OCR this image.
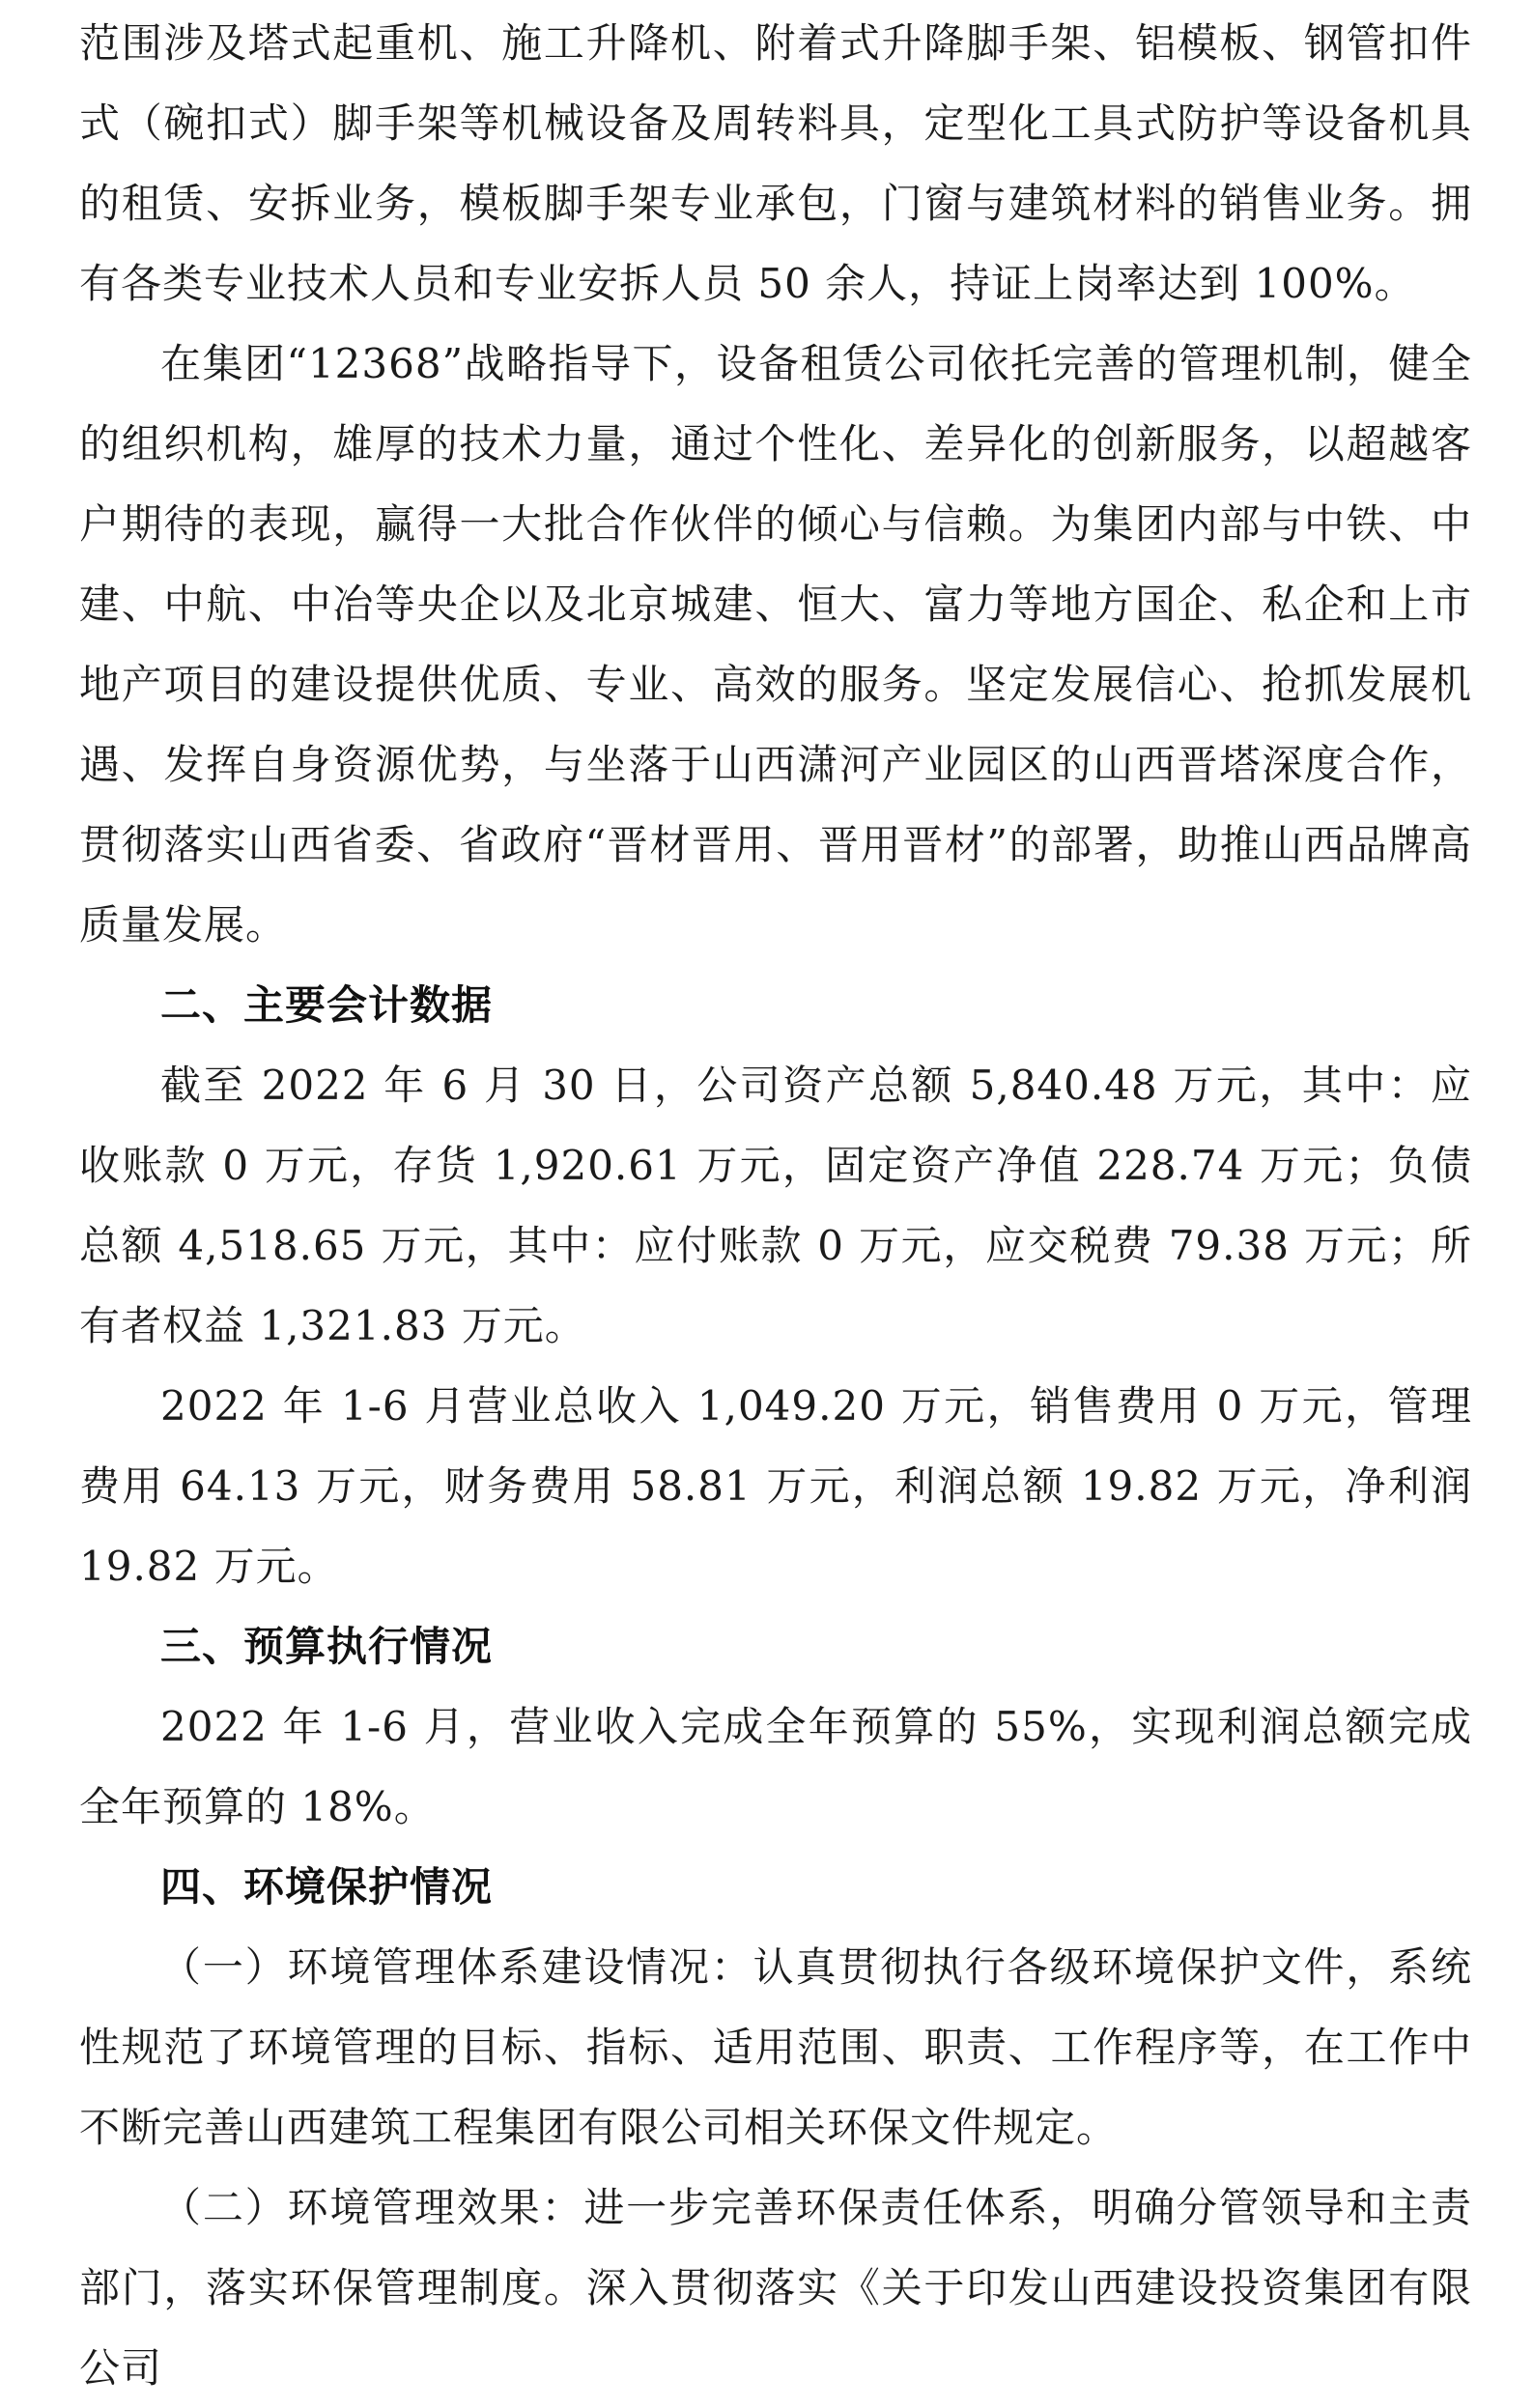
范围涉及塔式起重机、施工升降机、附着式升降脚手架、铝模板、钢管扣件式（碗扣式）脚手架等机械设备及周转料具，定型化工具式防护等设备机具的租赁、安拆业务，模板脚手架专业承包，门窗与建筑材料的销售业务。拥有各类专业技术人员和专业安拆人员 50 余人，持证上岗率达到 100%。

在集团“12368”战略指导下，设备租赁公司依托完善的管理机制，健全的组织机构，雄厚的技术力量，通过个性化、差异化的创新服务，以超越客户期待的表现，赢得一大批合作伙伴的倾心与信赖。为集团内部与中铁、中建、中航、中冶等央企以及北京城建、恒大、富力等地方国企、私企和上市地产项目的建设提供优质、专业、高效的服务。坚定发展信心、抢抓发展机遇、发挥自身资源优势，与坐落于山西潇河产业园区的山西晋塔深度合作，贯彻落实山西省委、省政府“晋材晋用、晋用晋材”的部署，助推山西品牌高质量发展。

二、主要会计数据

截至 2022 年 6 月 30 日，公司资产总额 5,840.48 万元，其中：应收账款 0 万元，存货 1,920.61 万元，固定资产净值 228.74 万元；负债总额 4,518.65 万元，其中：应付账款 0 万元，应交税费 79.38 万元；所有者权益 1,321.83 万元。

2022 年 1-6 月营业总收入 1,049.20 万元，销售费用 0 万元，管理费用 64.13 万元，财务费用 58.81 万元，利润总额 19.82 万元，净利润 19.82 万元。

三、预算执行情况

2022 年 1-6 月，营业收入完成全年预算的 55%，实现利润总额完成全年预算的 18%。

四、环境保护情况

（一）环境管理体系建设情况：认真贯彻执行各级环境保护文件，系统性规范了环境管理的目标、指标、适用范围、职责、工作程序等，在工作中不断完善山西建筑工程集团有限公司相关环保文件规定。

（二）环境管理效果：进一步完善环保责任体系，明确分管领导和主责部门，落实环保管理制度。深入贯彻落实《关于印发山西建设投资集团有限公司
